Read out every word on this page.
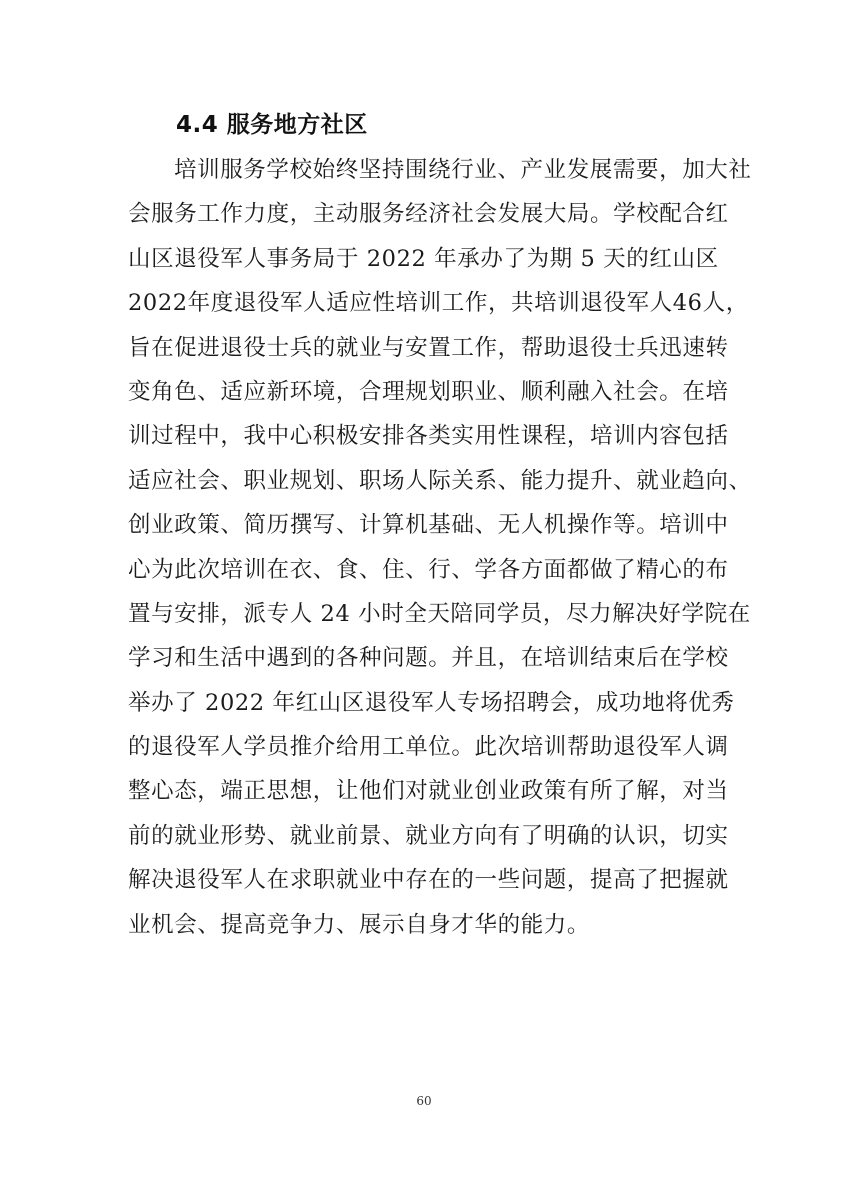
4.4 服务地方社区
培训服务学校始终坚持围绕行业、产业发展需要，加大社
会服务工作力度，主动服务经济社会发展大局。学校配合红
山区退役军人事务局于 2022 年承办了为期 5 天的红山区
2022年度退役军人适应性培训工作，共培训退役军人46人，
旨在促进退役士兵的就业与安置工作，帮助退役士兵迅速转
变角色、适应新环境，合理规划职业、顺利融入社会。在培
训过程中，我中心积极安排各类实用性课程，培训内容包括
适应社会、职业规划、职场人际关系、能力提升、就业趋向、
创业政策、简历撰写、计算机基础、无人机操作等。培训中
心为此次培训在衣、食、住、行、学各方面都做了精心的布
置与安排，派专人 24 小时全天陪同学员，尽力解决好学院在
学习和生活中遇到的各种问题。并且，在培训结束后在学校
举办了 2022 年红山区退役军人专场招聘会，成功地将优秀
的退役军人学员推介给用工单位。此次培训帮助退役军人调
整心态，端正思想，让他们对就业创业政策有所了解，对当
前的就业形势、就业前景、就业方向有了明确的认识，切实
解决退役军人在求职就业中存在的一些问题，提高了把握就
业机会、提高竞争力、展示自身才华的能力。
60
